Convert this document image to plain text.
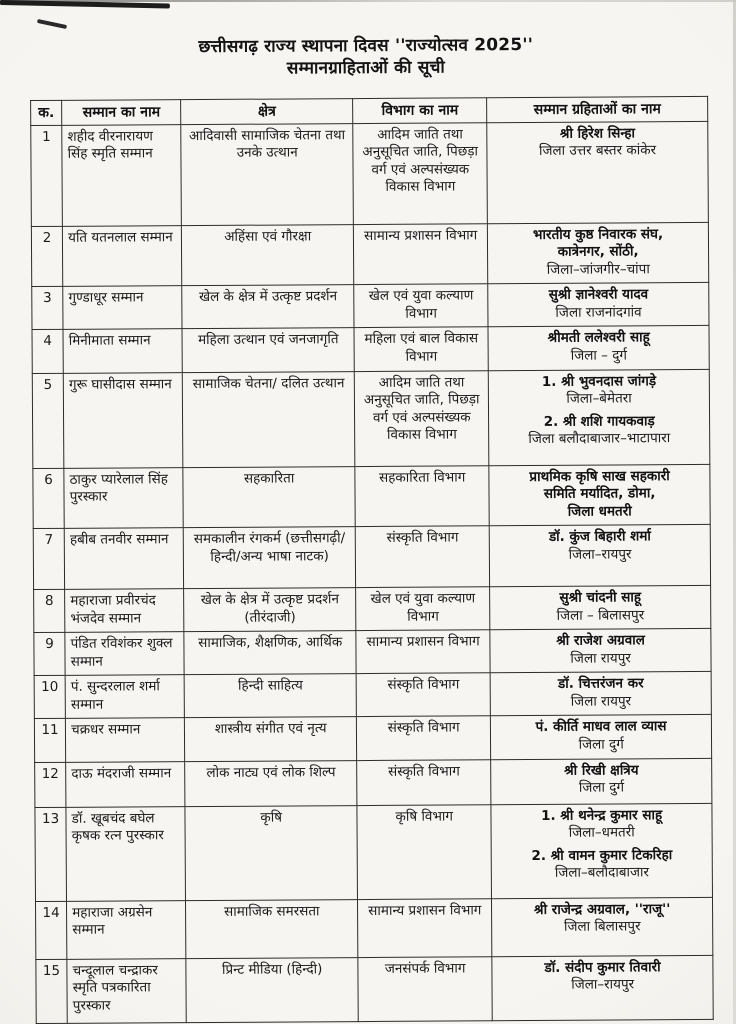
छत्तीसगढ़ राज्य स्थापना दिवस ''राज्योत्सव 2025''
सम्मानग्राहिताओं की सूची
क.	सम्मान का नाम	क्षेत्र	विभाग का नाम	सम्मान ग्रहिताओं का नाम
1	शहीद वीरनारायण सिंह स्मृति सम्मान	आदिवासी सामाजिक चेतना तथा उनके उत्थान	आदिम जाति तथा अनुसूचित जाति, पिछड़ा वर्ग एवं अल्पसंख्यक विकास विभाग	श्री हिरेश सिन्हा
जिला उत्तर बस्तर कांकेर

2	यति यतनलाल सम्मान	अहिंसा एवं गौरक्षा	सामान्य प्रशासन विभाग	भारतीय कुष्ठ निवारक संघ,
कात्रेनगर, सोंठी,
जिला–जांजगीर–चांपा

3	गुण्डाधूर सम्मान	खेल के क्षेत्र में उत्कृष्ट प्रदर्शन	खेल एवं युवा कल्याण विभाग	सुश्री ज्ञानेश्वरी यादव
जिला राजनांदगांव

4	मिनीमाता सम्मान	महिला उत्थान एवं जनजागृति	महिला एवं बाल विकास विभाग	श्रीमती ललेश्वरी साहू
जिला – दुर्ग

5	गुरू घासीदास सम्मान	सामाजिक चेतना/ दलित उत्थान	आदिम जाति तथा अनुसूचित जाति, पिछड़ा वर्ग एवं अल्पसंख्यक विकास विभाग	1. श्री भुवनदास जांगड़े
जिला–बेमेतरा
2. श्री शशि गायकवाड़
जिला बलौदाबाजार–भाटापारा

6	ठाकुर प्यारेलाल सिंह पुरस्कार	सहकारिता	सहकारिता विभाग	प्राथमिक कृषि साख सहकारी
समिति मर्यादित, डोमा,
जिला धमतरी

7	हबीब तनवीर सम्मान	समकालीन रंगकर्म (छत्तीसगढ़ी/हिन्दी/अन्य भाषा नाटक)	संस्कृति विभाग	डॉ. कुंज बिहारी शर्मा
जिला–रायपुर

8	महाराजा प्रवीरचंद भंजदेव सम्मान	खेल के क्षेत्र में उत्कृष्ट प्रदर्शन (तीरंदाजी)	खेल एवं युवा कल्याण विभाग	सुश्री चांदनी साहू
जिला – बिलासपुर

9	पंडित रविशंकर शुक्ल सम्मान	सामाजिक, शैक्षणिक, आर्थिक	सामान्य प्रशासन विभाग	श्री राजेश अग्रवाल
जिला रायपुर

10	पं. सुन्दरलाल शर्मा सम्मान	हिन्दी साहित्य	संस्कृति विभाग	डॉ. चित्तरंजन कर
जिला रायपुर

11	चक्रधर सम्मान	शास्त्रीय संगीत एवं नृत्य	संस्कृति विभाग	पं. कीर्ति माधव लाल व्यास
जिला दुर्ग

12	दाऊ मंदराजी सम्मान	लोक नाट्य एवं लोक शिल्प	संस्कृति विभाग	श्री रिखी क्षत्रिय
जिला दुर्ग

13	डॉ. खूबचंद बघेल कृषक रत्न पुरस्कार	कृषि	कृषि विभाग	1. श्री थनेन्द्र कुमार साहू
जिला–धमतरी
2. श्री वामन कुमार टिकरिहा
जिला–बलौदाबाजार

14	महाराजा अग्रसेन सम्मान	सामाजिक समरसता	सामान्य प्रशासन विभाग	श्री राजेन्द्र अग्रवाल, ''राजू''
जिला बिलासपुर

15	चन्दूलाल चन्द्राकर स्मृति पत्रकारिता पुरस्कार	प्रिन्ट मीडिया (हिन्दी)	जनसंपर्क विभाग	डॉ. संदीप कुमार तिवारी
जिला–रायपुर
